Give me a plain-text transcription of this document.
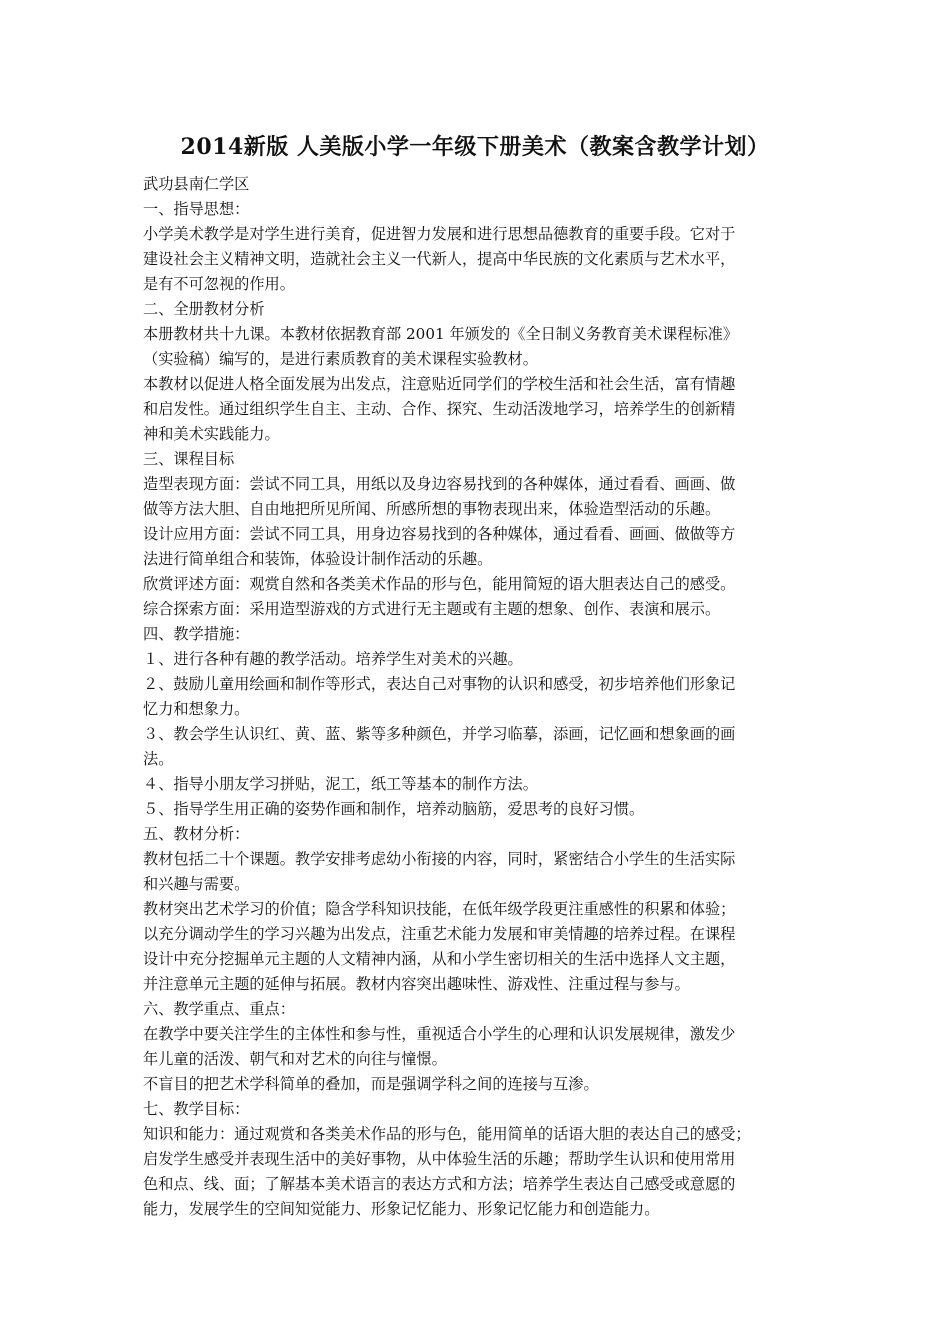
2014新版 人美版小学一年级下册美术（教案含教学计划）
武功县南仁学区
一、指导思想：
小学美术教学是对学生进行美育，促进智力发展和进行思想品德教育的重要手段。它对于
建设社会主义精神文明，造就社会主义一代新人，提高中华民族的文化素质与艺术水平，
是有不可忽视的作用。
二、全册教材分析
本册教材共十九课。本教材依据教育部 2001 年颁发的《全日制义务教育美术课程标准》
（实验稿）编写的，是进行素质教育的美术课程实验教材。
本教材以促进人格全面发展为出发点，注意贴近同学们的学校生活和社会生活，富有情趣
和启发性。通过组织学生自主、主动、合作、探究、生动活泼地学习，培养学生的创新精
神和美术实践能力。
三、课程目标
造型表现方面：尝试不同工具，用纸以及身边容易找到的各种媒体，通过看看、画画、做
做等方法大胆、自由地把所见所闻、所感所想的事物表现出来，体验造型活动的乐趣。
设计应用方面：尝试不同工具，用身边容易找到的各种媒体，通过看看、画画、做做等方
法进行简单组合和装饰，体验设计制作活动的乐趣。
欣赏评述方面：观赏自然和各类美术作品的形与色，能用简短的语大胆表达自己的感受。
综合探索方面：采用造型游戏的方式进行无主题或有主题的想象、创作、表演和展示。
四、教学措施：
１、进行各种有趣的教学活动。培养学生对美术的兴趣。
２、鼓励儿童用绘画和制作等形式，表达自己对事物的认识和感受，初步培养他们形象记
忆力和想象力。
３、教会学生认识红、黄、蓝、紫等多种颜色，并学习临摹，添画，记忆画和想象画的画
法。
４、指导小朋友学习拼贴，泥工，纸工等基本的制作方法。
５、指导学生用正确的姿势作画和制作，培养动脑筋，爱思考的良好习惯。
五、教材分析：
教材包括二十个课题。教学安排考虑幼小衔接的内容，同时，紧密结合小学生的生活实际
和兴趣与需要。
教材突出艺术学习的价值；隐含学科知识技能，在低年级学段更注重感性的积累和体验；
以充分调动学生的学习兴趣为出发点，注重艺术能力发展和审美情趣的培养过程。在课程
设计中充分挖掘单元主题的人文精神内涵，从和小学生密切相关的生活中选择人文主题，
并注意单元主题的延伸与拓展。教材内容突出趣味性、游戏性、注重过程与参与。
六、教学重点、重点：
在教学中要关注学生的主体性和参与性，重视适合小学生的心理和认识发展规律，激发少
年儿童的活泼、朝气和对艺术的向往与憧憬。
不盲目的把艺术学科简单的叠加，而是强调学科之间的连接与互渗。
七、教学目标：
知识和能力：通过观赏和各类美术作品的形与色，能用简单的话语大胆的表达自己的感受；
启发学生感受并表现生活中的美好事物，从中体验生活的乐趣；帮助学生认识和使用常用
色和点、线、面；了解基本美术语言的表达方式和方法；培养学生表达自己感受或意愿的
能力，发展学生的空间知觉能力、形象记忆能力、形象记忆能力和创造能力。
